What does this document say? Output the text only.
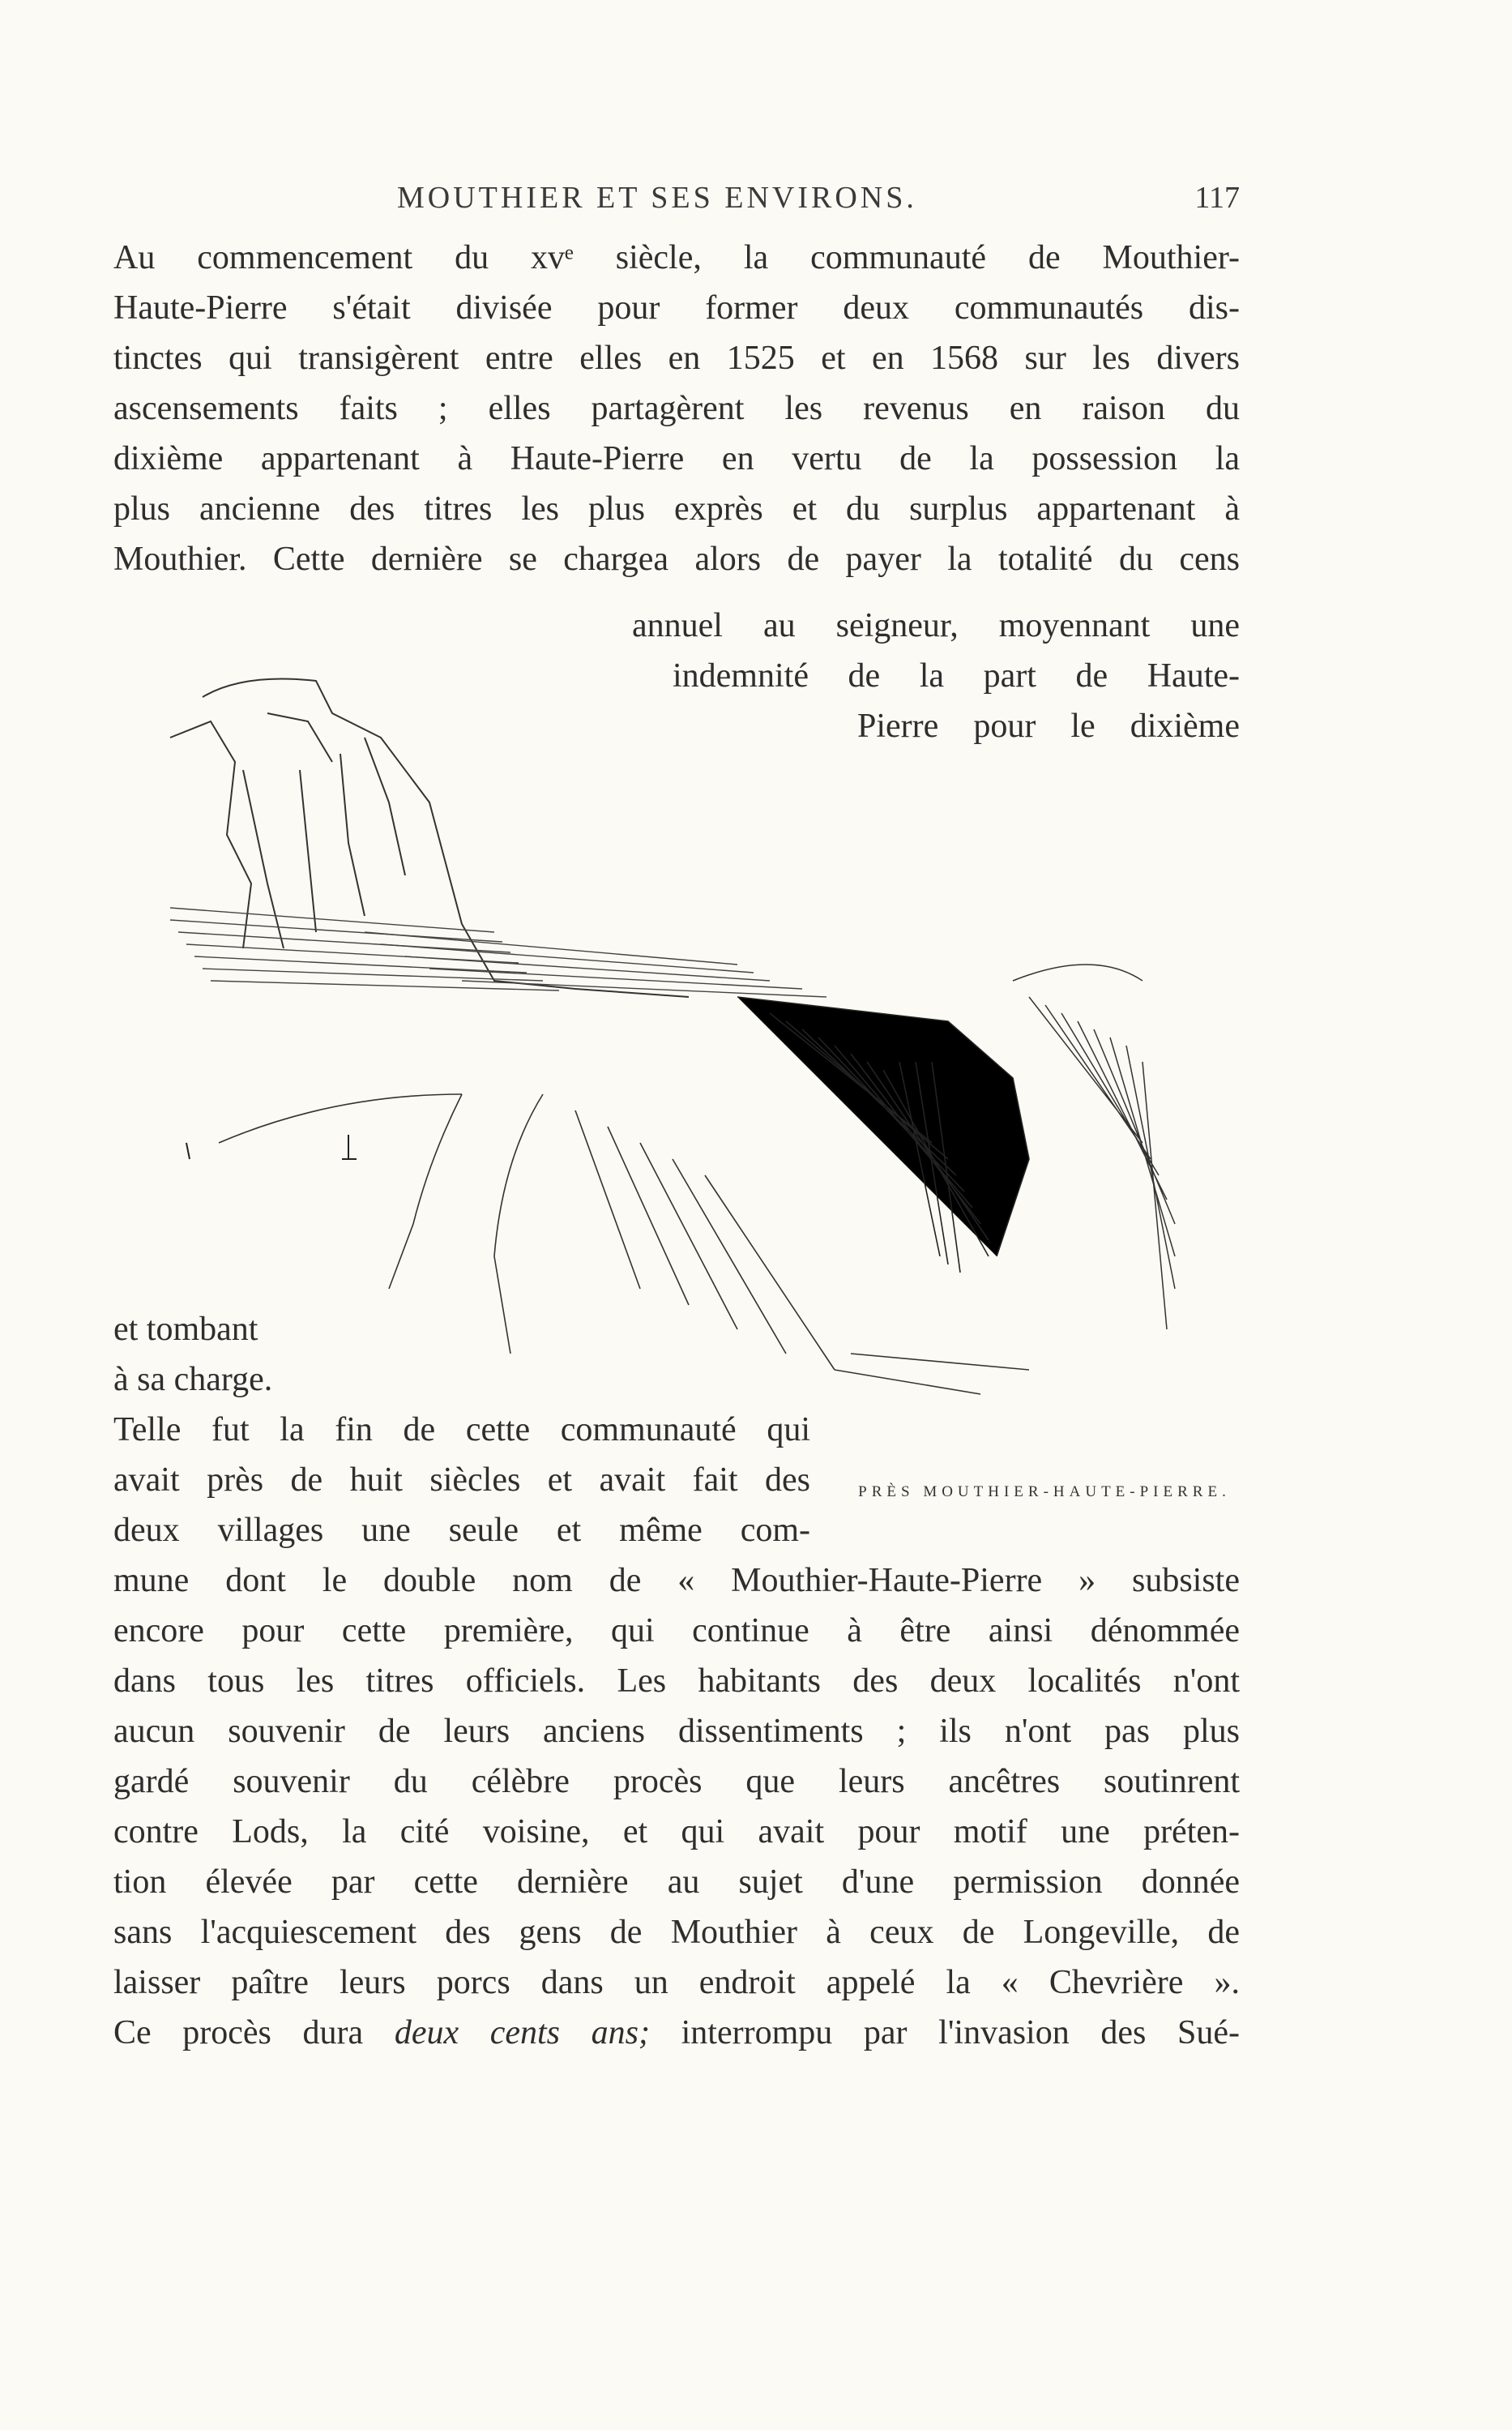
MOUTHIER ET SES ENVIRONS.	117
Au commencement du xvᵉ siècle, la communauté de Mouthier-
Haute-Pierre s'était divisée pour former deux communautés dis-
tinctes qui transigèrent entre elles en 1525 et en 1568 sur les divers
ascensements faits ; elles partagèrent les revenus en raison du
dixième appartenant à Haute-Pierre en vertu de la possession la
plus ancienne des titres les plus exprès et du surplus appartenant à
Mouthier. Cette dernière se chargea alors de payer la totalité du cens
annuel au seigneur, moyennant une
indemnité de la part de Haute-
Pierre pour le dixième
et tombant
à sa charge.
Telle fut la fin de cette communauté qui
avait près de huit siècles et avait fait des
deux villages une seule et même com-
PRÈS MOUTHIER-HAUTE-PIERRE.
mune dont le double nom de « Mouthier-Haute-Pierre » subsiste
encore pour cette première, qui continue à être ainsi dénommée
dans tous les titres officiels. Les habitants des deux localités n'ont
aucun souvenir de leurs anciens dissentiments ; ils n'ont pas plus
gardé souvenir du célèbre procès que leurs ancêtres soutinrent
contre Lods, la cité voisine, et qui avait pour motif une préten-
tion élevée par cette dernière au sujet d'une permission donnée
sans l'acquiescement des gens de Mouthier à ceux de Longeville, de
laisser paître leurs porcs dans un endroit appelé la « Chevrière ».
Ce procès dura deux cents ans; interrompu par l'invasion des Sué-
